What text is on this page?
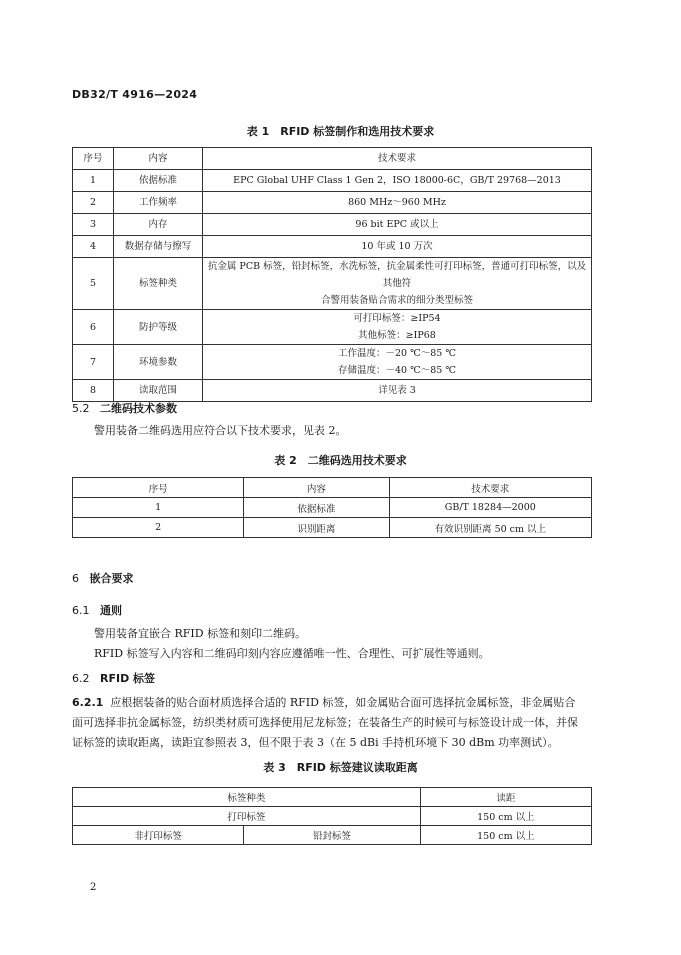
DB32/T 4916—2024
表 1　RFID 标签制作和选用技术要求
序号	内容	技术要求
1	依据标准	EPC Global UHF Class 1 Gen 2，ISO 18000-6C，GB/T 29768—2013
2	工作频率	860 MHz～960 MHz
3	内存	96 bit EPC 或以上
4	数据存储与擦写	10 年或 10 万次
5	标签种类	抗金属 PCB 标签，铅封标签，水洗标签，抗金属柔性可打印标签，普通可打印标签，以及其他符
合警用装备贴合需求的细分类型标签

6	防护等级	可打印标签：≥IP54
其他标签：≥IP68

7	环境参数	工作温度：－20 ℃～85 ℃
存储温度：－40 ℃～85 ℃

8	读取范围	详见表 3
5.2 二维码技术参数
警用装备二维码选用应符合以下技术要求，见表 2。
表 2　二维码选用技术要求
序号	内容	技术要求
1	依据标准	GB/T 18284—2000
2	识别距离	有效识别距离 50 cm 以上
6 嵌合要求
6.1 通则
警用装备宜嵌合 RFID 标签和刻印二维码。
RFID 标签写入内容和二维码印刻内容应遵循唯一性、合理性、可扩展性等通则。
6.2 RFID 标签
6.2.1 应根据装备的贴合面材质选择合适的 RFID 标签，如金属贴合面可选择抗金属标签，非金属贴合
面可选择非抗金属标签，纺织类材质可选择使用尼龙标签；在装备生产的时候可与标签设计成一体，并保
证标签的读取距离，读距宜参照表 3，但不限于表 3（在 5 dBi 手持机环境下 30 dBm 功率测试）。
表 3　RFID 标签建议读取距离
标签种类		读距
打印标签		150 cm 以上
非打印标签	铅封标签	150 cm 以上
2
